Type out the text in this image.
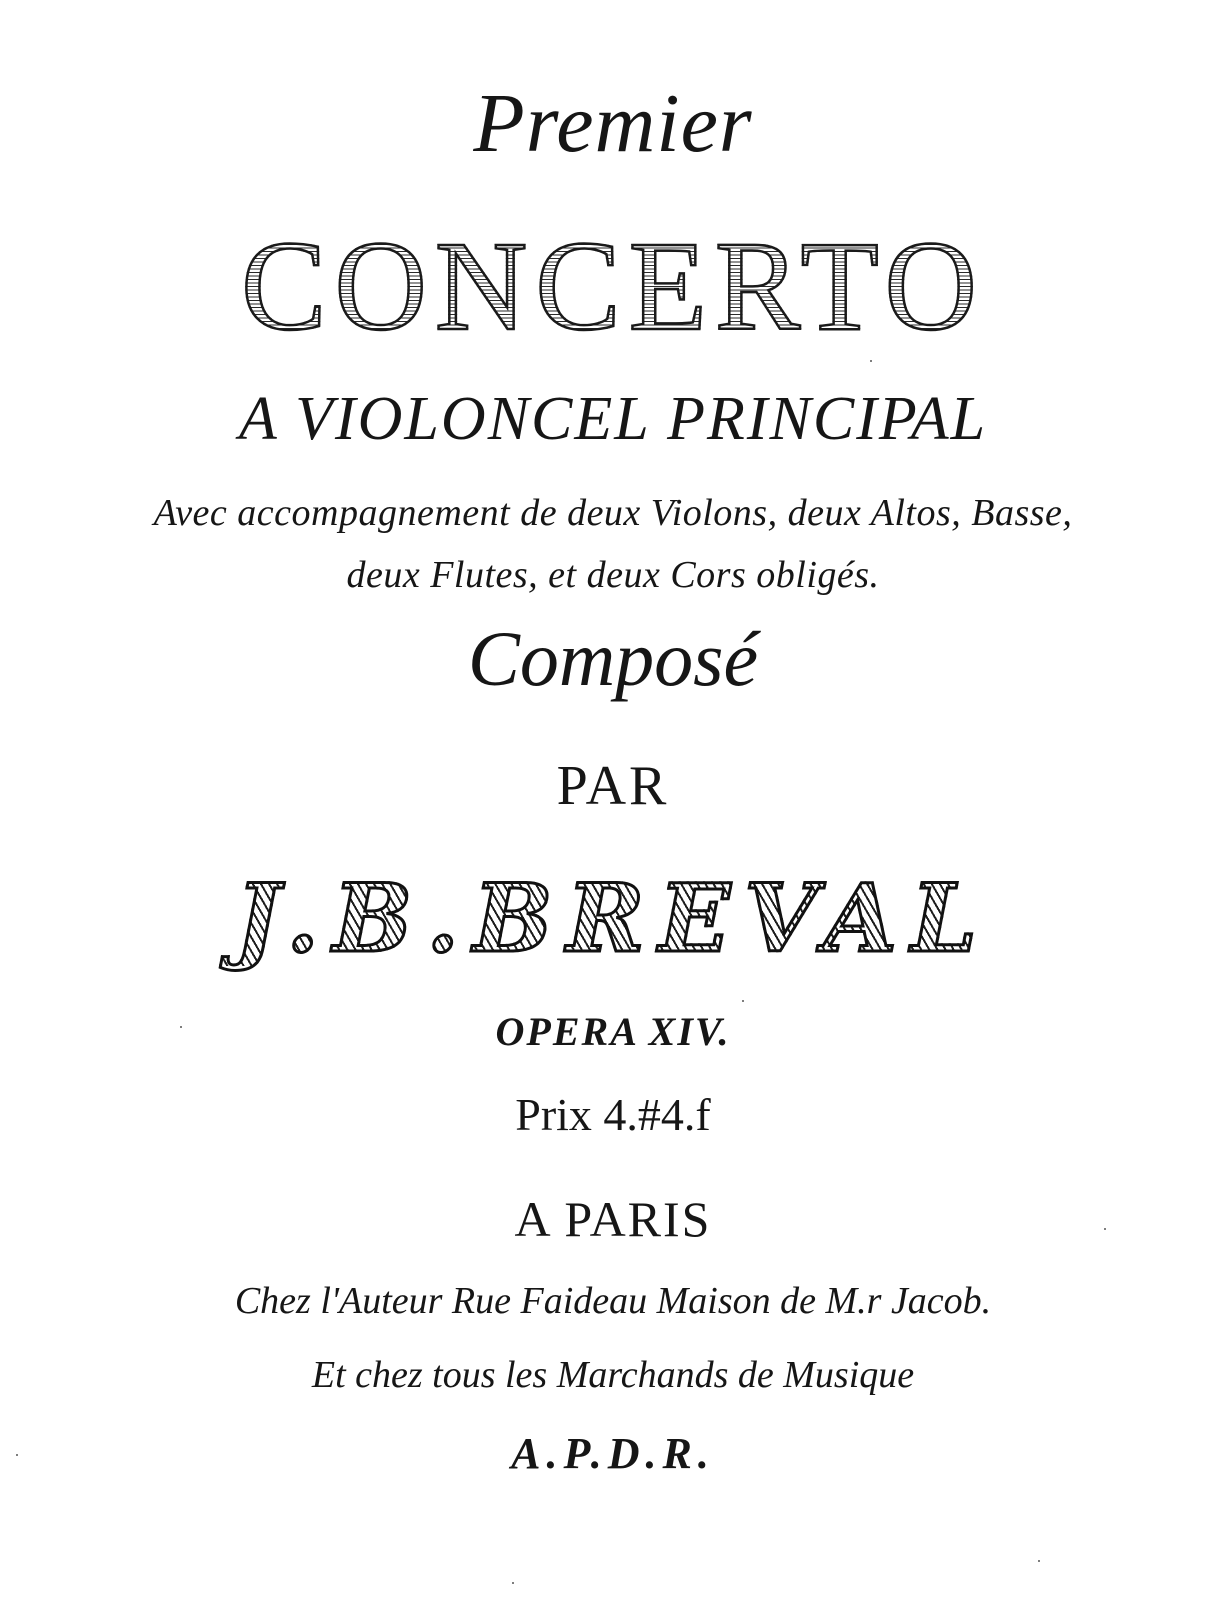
Premier
CONCERTO
A VIOLONCEL PRINCIPAL
Avec accompagnement de deux Violons, deux Altos, Basse,
deux Flutes, et deux Cors obligés.
Composé
PAR
J.B.BREVAL
OPERA XIV.
Prix 4.#4.f
A PARIS
Chez l'Auteur Rue Faideau Maison de M.r Jacob.
Et chez tous les Marchands de Musique
A.P.D.R.
